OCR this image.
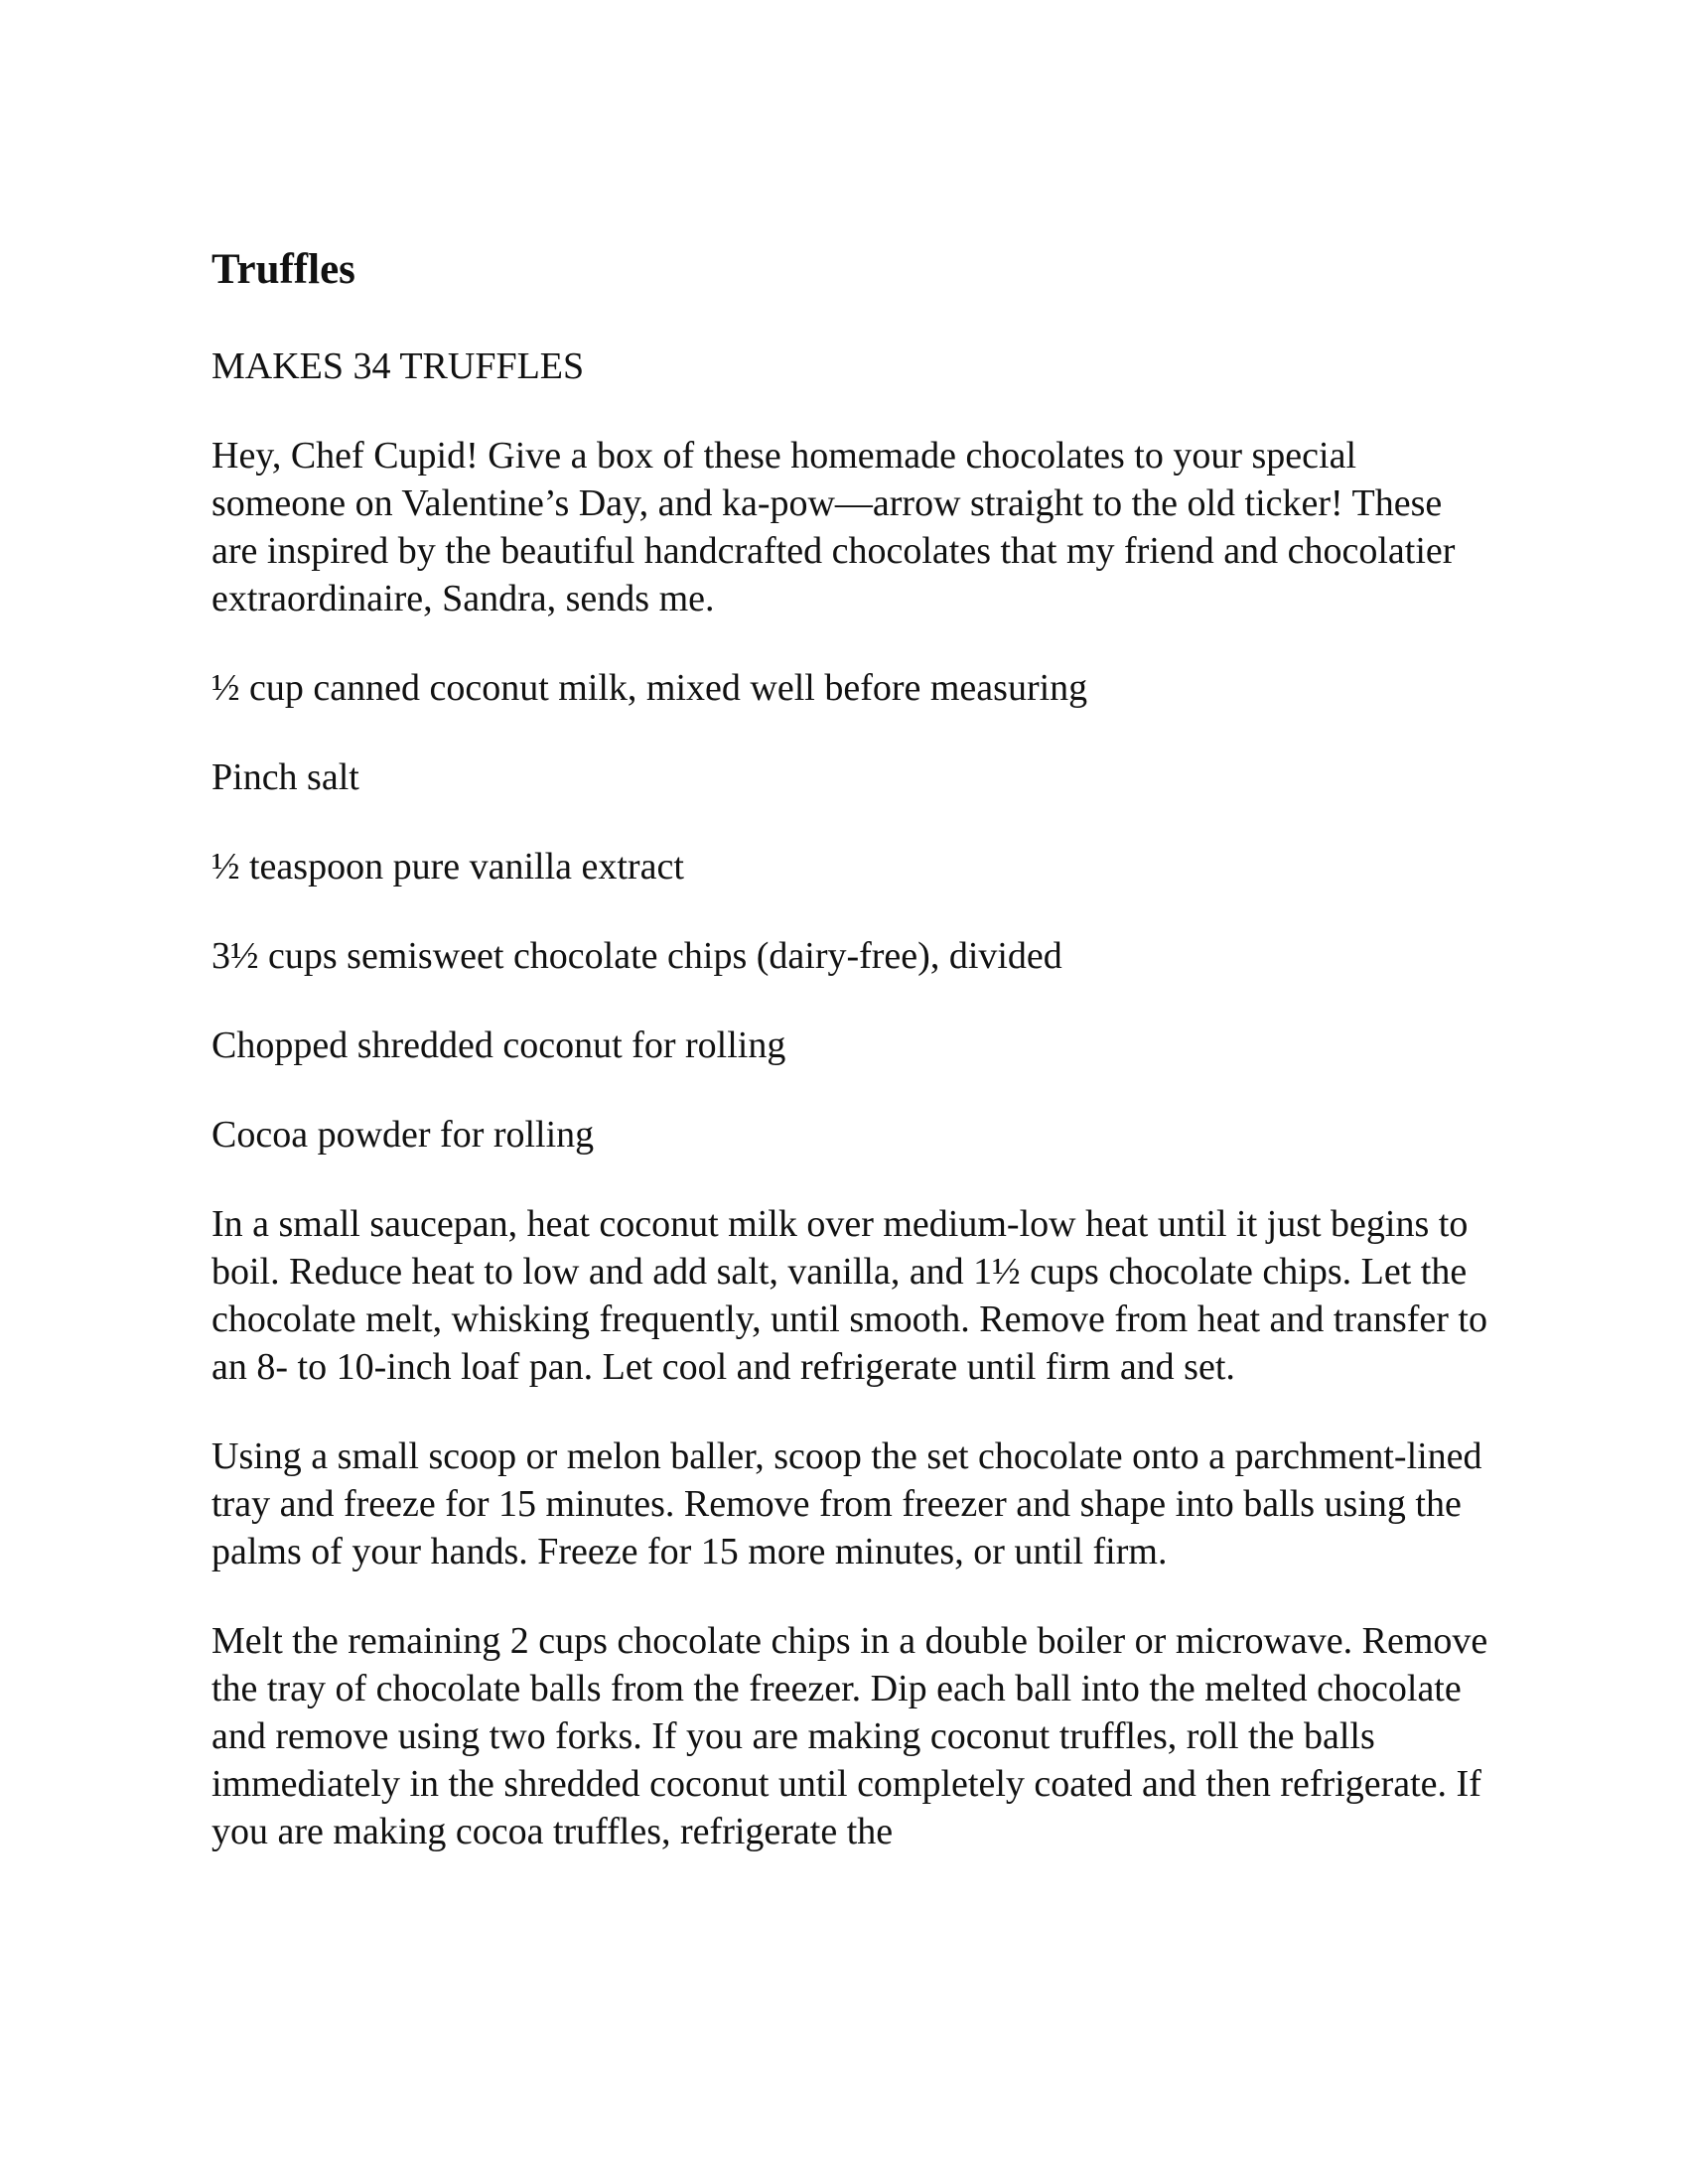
Truffles

MAKES 34 TRUFFLES

Hey, Chef Cupid! Give a box of these homemade chocolates to your special someone on Valentine’s Day, and ka-pow—arrow straight to the old ticker! These are inspired by the beautiful handcrafted chocolates that my friend and chocolatier extraordinaire, Sandra, sends me.

½ cup canned coconut milk, mixed well before measuring
Pinch salt
½ teaspoon pure vanilla extract
3½ cups semisweet chocolate chips (dairy-free), divided
Chopped shredded coconut for rolling
Cocoa powder for rolling

In a small saucepan, heat coconut milk over medium-low heat until it just begins to boil. Reduce heat to low and add salt, vanilla, and 1½ cups chocolate chips. Let the chocolate melt, whisking frequently, until smooth. Remove from heat and transfer to an 8- to 10-inch loaf pan. Let cool and refrigerate until firm and set.

Using a small scoop or melon baller, scoop the set chocolate onto a parchment-lined tray and freeze for 15 minutes. Remove from freezer and shape into balls using the palms of your hands. Freeze for 15 more minutes, or until firm.

Melt the remaining 2 cups chocolate chips in a double boiler or microwave. Remove the tray of chocolate balls from the freezer. Dip each ball into the melted chocolate and remove using two forks. If you are making coconut truffles, roll the balls immediately in the shredded coconut until completely coated and then refrigerate. If you are making cocoa truffles, refrigerate the
